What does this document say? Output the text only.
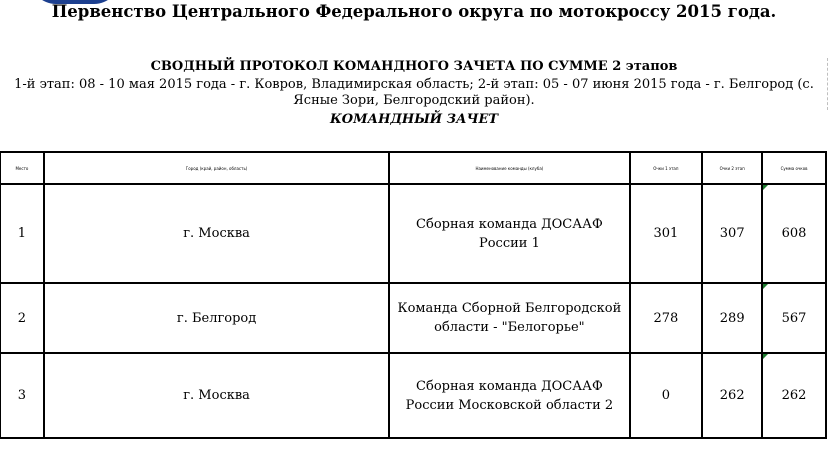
Первенство Центрального Федерального округа по мотокроссу 2015 года.
СВОДНЫЙ ПРОТОКОЛ КОМАНДНОГО ЗАЧЕТА ПО СУММЕ 2 этапов
1-й этап: 08 - 10 мая 2015 года - г. Ковров, Владимирская область; 2-й этап: 05 - 07 июня 2015 года - г. Белгород (с. Ясные Зори, Белгородский район).
КОМАНДНЫЙ ЗАЧЕТ
Место	Город (край, район, область)	Наименование команды (клуба)	Очки 1 этап	Очки 2 этап	Сумма очков
1	г. Москва	Сборная команда ДОСААФ России 1	301	307	608
2	г. Белгород	Команда Сборной Белгородской области - "Белогорье"	278	289	567
3	г. Москва	Сборная команда ДОСААФ России Московской области 2	0	262	262
